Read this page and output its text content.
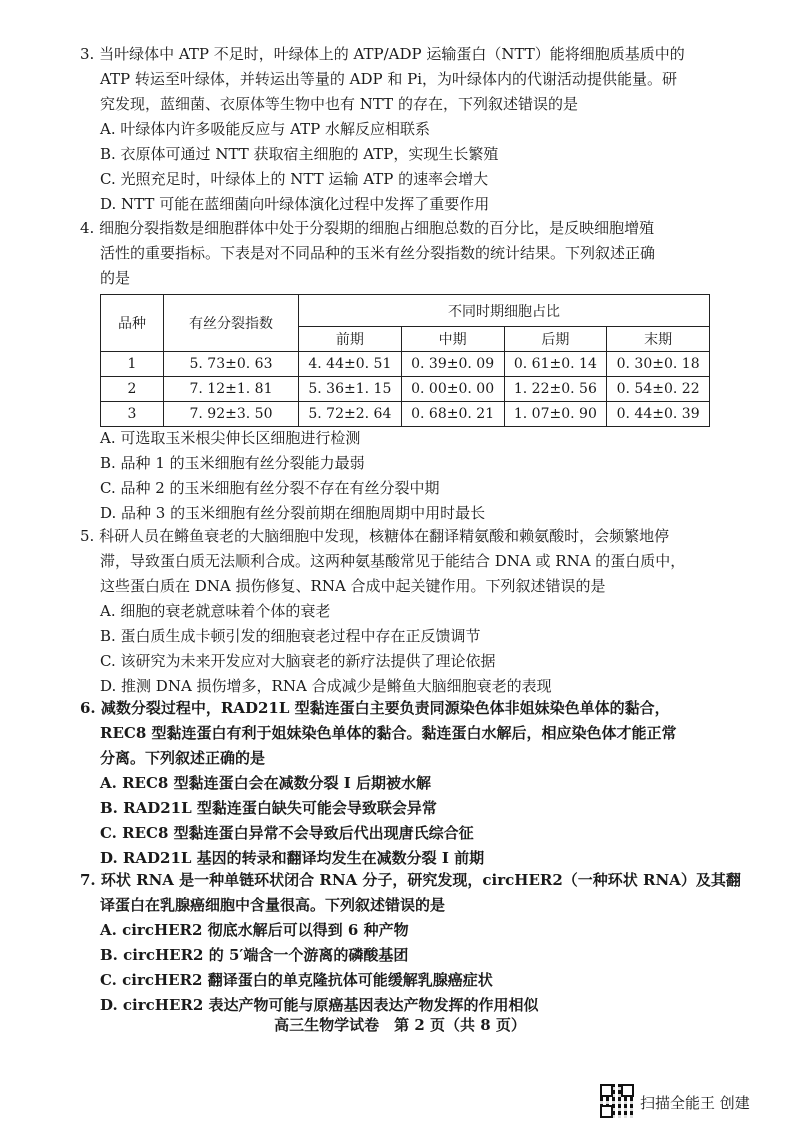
3. 当叶绿体中 ATP 不足时，叶绿体上的 ATP/ADP 运输蛋白（NTT）能将细胞质基质中的
ATP 转运至叶绿体，并转运出等量的 ADP 和 Pi，为叶绿体内的代谢活动提供能量。研
究发现，蓝细菌、衣原体等生物中也有 NTT 的存在，下列叙述错误的是
A. 叶绿体内许多吸能反应与 ATP 水解反应相联系
B. 衣原体可通过 NTT 获取宿主细胞的 ATP，实现生长繁殖
C. 光照充足时，叶绿体上的 NTT 运输 ATP 的速率会增大
D. NTT 可能在蓝细菌向叶绿体演化过程中发挥了重要作用
4. 细胞分裂指数是细胞群体中处于分裂期的细胞占细胞总数的百分比，是反映细胞增殖
活性的重要指标。下表是对不同品种的玉米有丝分裂指数的统计结果。下列叙述正确
的是
品种	有丝分裂指数	不同时期细胞占比			
		前期	中期	后期	末期
1	5. 73±0. 63	4. 44±0. 51	0. 39±0. 09	0. 61±0. 14	0. 30±0. 18
2	7. 12±1. 81	5. 36±1. 15	0. 00±0. 00	1. 22±0. 56	0. 54±0. 22
3	7. 92±3. 50	5. 72±2. 64	0. 68±0. 21	1. 07±0. 90	0. 44±0. 39
A. 可选取玉米根尖伸长区细胞进行检测
B. 品种 1 的玉米细胞有丝分裂能力最弱
C. 品种 2 的玉米细胞有丝分裂不存在有丝分裂中期
D. 品种 3 的玉米细胞有丝分裂前期在细胞周期中用时最长
5. 科研人员在鳉鱼衰老的大脑细胞中发现，核糖体在翻译精氨酸和赖氨酸时，会频繁地停
滞，导致蛋白质无法顺利合成。这两种氨基酸常见于能结合 DNA 或 RNA 的蛋白质中，
这些蛋白质在 DNA 损伤修复、RNA 合成中起关键作用。下列叙述错误的是
A. 细胞的衰老就意味着个体的衰老
B. 蛋白质生成卡顿引发的细胞衰老过程中存在正反馈调节
C. 该研究为未来开发应对大脑衰老的新疗法提供了理论依据
D. 推测 DNA 损伤增多，RNA 合成减少是鳉鱼大脑细胞衰老的表现
6. 减数分裂过程中，RAD21L 型黏连蛋白主要负责同源染色体非姐妹染色单体的黏合，
REC8 型黏连蛋白有利于姐妹染色单体的黏合。黏连蛋白水解后，相应染色体才能正常
分离。下列叙述正确的是
A. REC8 型黏连蛋白会在减数分裂 I 后期被水解
B. RAD21L 型黏连蛋白缺失可能会导致联会异常
C. REC8 型黏连蛋白异常不会导致后代出现唐氏综合征
D. RAD21L 基因的转录和翻译均发生在减数分裂 I 前期
7. 环状 RNA 是一种单链环状闭合 RNA 分子，研究发现，circHER2（一种环状 RNA）及其翻
译蛋白在乳腺癌细胞中含量很高。下列叙述错误的是
A. circHER2 彻底水解后可以得到 6 种产物
B. circHER2 的 5′端含一个游离的磷酸基团
C. circHER2 翻译蛋白的单克隆抗体可能缓解乳腺癌症状
D. circHER2 表达产物可能与原癌基因表达产物发挥的作用相似
高三生物学试卷　第 2 页（共 8 页）
扫描全能王 创建
